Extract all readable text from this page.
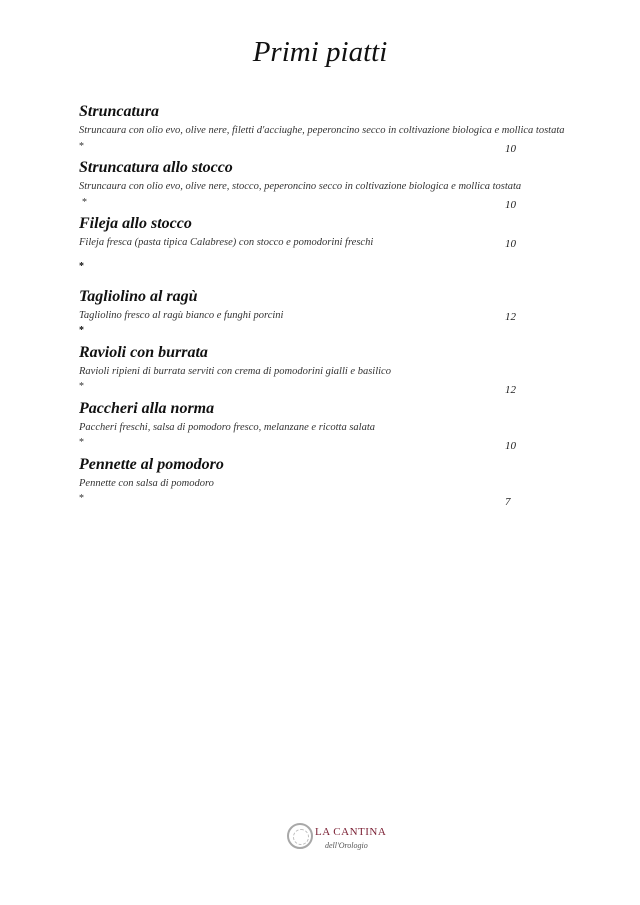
Primi piatti
Struncatura
Struncaura con olio evo, olive nere, filetti d'acciughe, peperoncino secco in coltivazione biologica e mollica tostata
*	10
Struncatura allo stocco
Struncaura con olio evo, olive nere, stocco, peperoncino secco in coltivazione biologica e mollica tostata
*	10
Fileja allo stocco
Fileja fresca (pasta tipica Calabrese) con stocco e pomodorini freschi	10
*
Tagliolino al ragù
Tagliolino fresco al ragù bianco e funghi porcini	12
*
Ravioli con burrata
Ravioli ripieni di burrata serviti con crema di pomodorini gialli e basilico
*	12
Paccheri alla norma
Paccheri freschi, salsa di pomodoro fresco, melanzane e ricotta salata
*	10
Pennette al pomodoro
Pennette con salsa di pomodoro
*	7
LA CANTINA
dell'Orologio
